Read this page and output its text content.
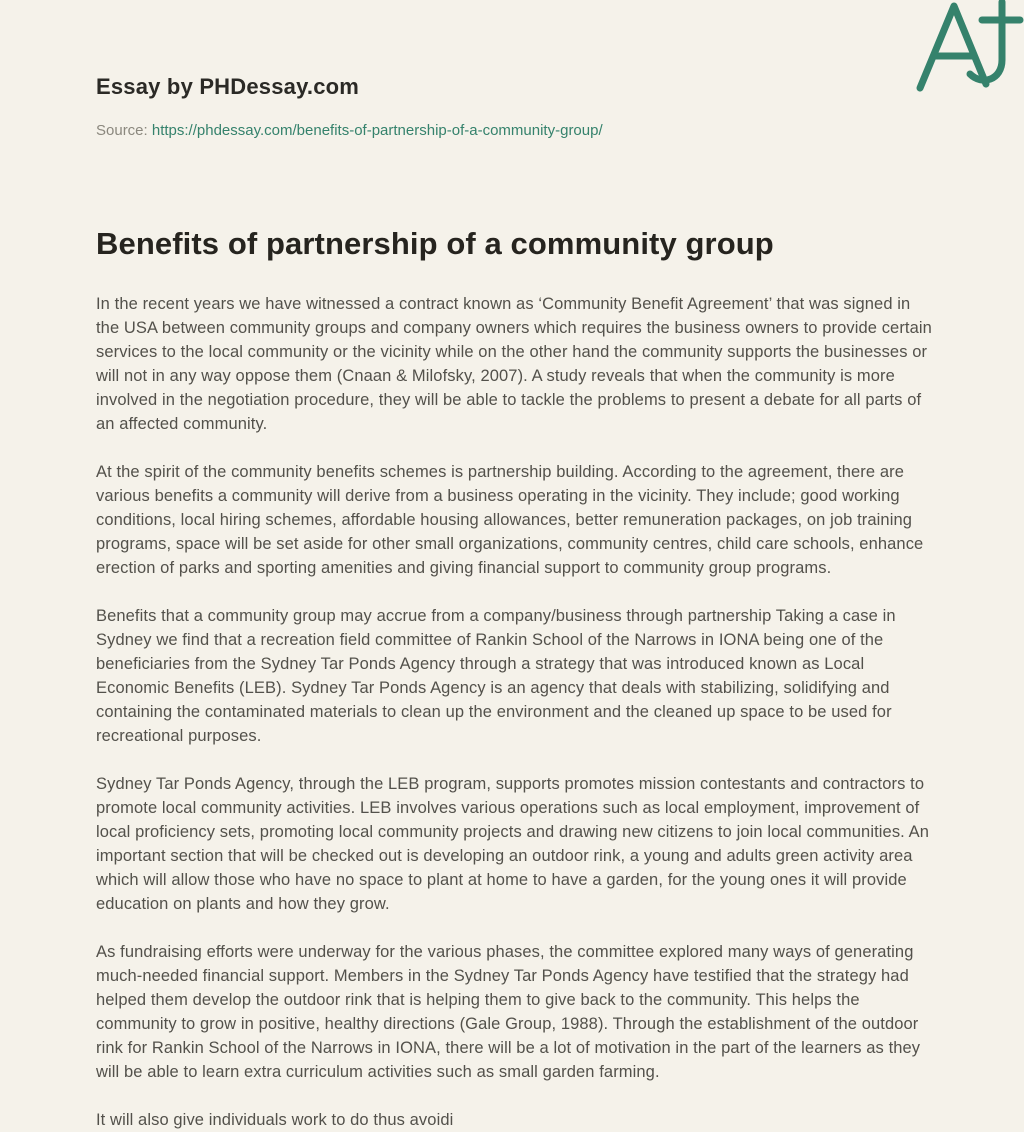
Essay by PHDessay.com

Source: https://phdessay.com/benefits-of-partnership-of-a-community-group/

Benefits of partnership of a community group

In the recent years we have witnessed a contract known as ‘Community Benefit Agreement’ that was signed in the USA between community groups and company owners which requires the business owners to provide certain services to the local community or the vicinity while on the other hand the community supports the businesses or will not in any way oppose them (Cnaan & Milofsky, 2007). A study reveals that when the community is more involved in the negotiation procedure, they will be able to tackle the problems to present a debate for all parts of an affected community.

At the spirit of the community benefits schemes is partnership building. According to the agreement, there are various benefits a community will derive from a business operating in the vicinity. They include; good working conditions, local hiring schemes, affordable housing allowances, better remuneration packages, on job training programs, space will be set aside for other small organizations, community centres, child care schools, enhance erection of parks and sporting amenities and giving financial support to community group programs.

Benefits that a community group may accrue from a company/business through partnership Taking a case in Sydney we find that a recreation field committee of Rankin School of the Narrows in IONA being one of the beneficiaries from the Sydney Tar Ponds Agency through a strategy that was introduced known as Local Economic Benefits (LEB). Sydney Tar Ponds Agency is an agency that deals with stabilizing, solidifying and containing the contaminated materials to clean up the environment and the cleaned up space to be used for recreational purposes.

Sydney Tar Ponds Agency, through the LEB program, supports promotes mission contestants and contractors to promote local community activities. LEB involves various operations such as local employment, improvement of local proficiency sets, promoting local community projects and drawing new citizens to join local communities. An important section that will be checked out is developing an outdoor rink, a young and adults green activity area which will allow those who have no space to plant at home to have a garden, for the young ones it will provide education on plants and how they grow.

As fundraising efforts were underway for the various phases, the committee explored many ways of generating much-needed financial support. Members in the Sydney Tar Ponds Agency have testified that the strategy had helped them develop the outdoor rink that is helping them to give back to the community. This helps the community to grow in positive, healthy directions (Gale Group, 1988). Through the establishment of the outdoor rink for Rankin School of the Narrows in IONA, there will be a lot of motivation in the part of the learners as they will be able to learn extra curriculum activities such as small garden farming.

It will also give individuals work to do thus avoidi
